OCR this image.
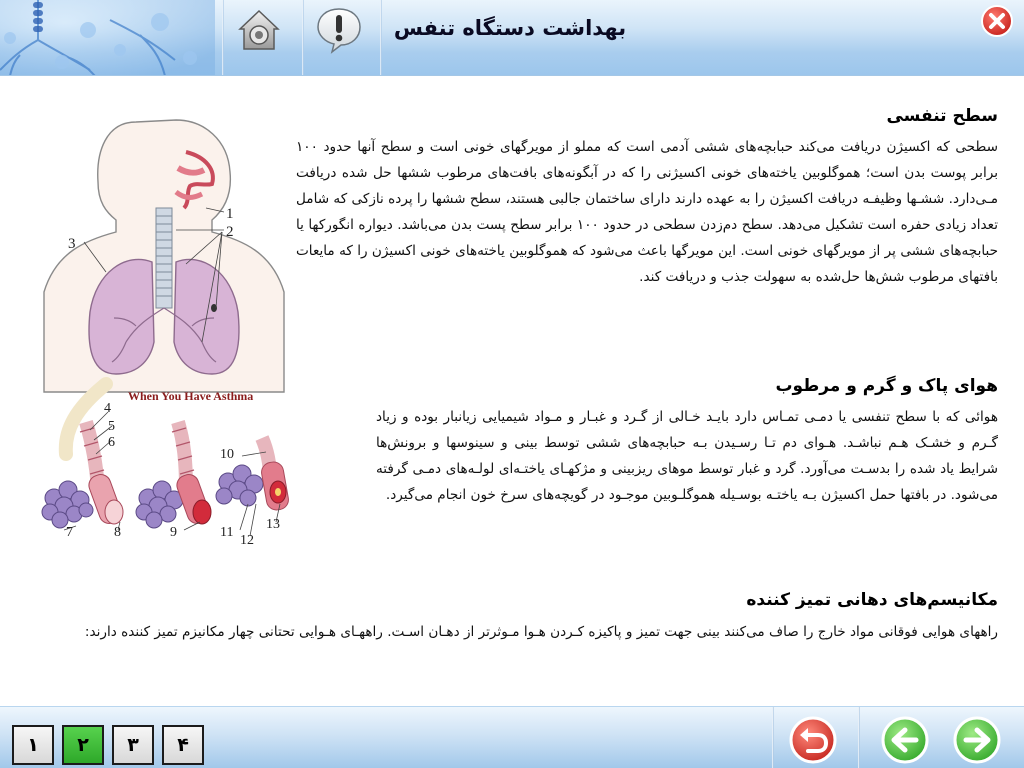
بهداشت دستگاه تنفس
1
2
3
When You Have Asthma
4
5
6
7	8	9
10
11
12
13
سطح تنفسی
سطحی که اکسیژن دریافت می‌کند حبابچه‌های ششی آدمی است که مملو از مویرگهای خونی است و سطح آنها حدود ۱۰۰ برابر پوست بدن است؛ هموگلوبین یاخته‌های خونی اکسیژنی را که در آبگونه‌های بافت‌های مرطوب ششها حل شده دریافت مـی‌دارد. ششـها وظیفـه دریافت اکسیژن را به عهده دارند دارای ساختمان جالبی هستند، سطح ششها را پرده نازکی که شامل تعداد زیادی حفره است تشکیل می‌دهد. سطح دم‌زدن سطحی در حدود ۱۰۰ برابر سطح پست بدن می‌باشد. دیواره انگورکها یا حبابچه‌های ششی پر از مویرگهای خونی است. این مویرگها باعث می‌شود که هموگلوبین یاخته‌های خونی اکسیژن را که مایعات بافتهای مرطوب شش‌ها حل‌شده به سهولت جذب و دریافت کند.
هوای پاک و گرم و مرطوب
هوائی که با سطح تنفسی یا دمـی تمـاس دارد بایـد خـالی از گـرد و غبـار و مـواد شیمیایی زیانبار بوده و زیاد گـرم و خشـک هـم نباشـد. هـوای دم تـا رسـیدن بـه حبابچه‌های ششی توسط بینی و سینوسها و برونش‌ها شرایط یاد شده را بدسـت می‌آورد. گرد و غبار توسط موهای ریزبینی و مژکهـای یاختـه‌ای لولـه‌های دمـی گرفته می‌شود. در بافتها حمل اکسیژن بـه یاختـه بوسـیله هموگلـوبین موجـود در گویچه‌های سرخ خون انجام می‌گیرد.
مکانیسم‌های دهانی تمیز کننده
راههای هوایی فوقانی مواد خارج را صاف می‌کنند بینی جهت تمیز و پاکیزه کـردن هـوا مـوثرتر از دهـان اسـت. راههـای هـوایی تحتانی چهار مکانیزم تمیز کننده دارند:
۱	۲	۳	۴
